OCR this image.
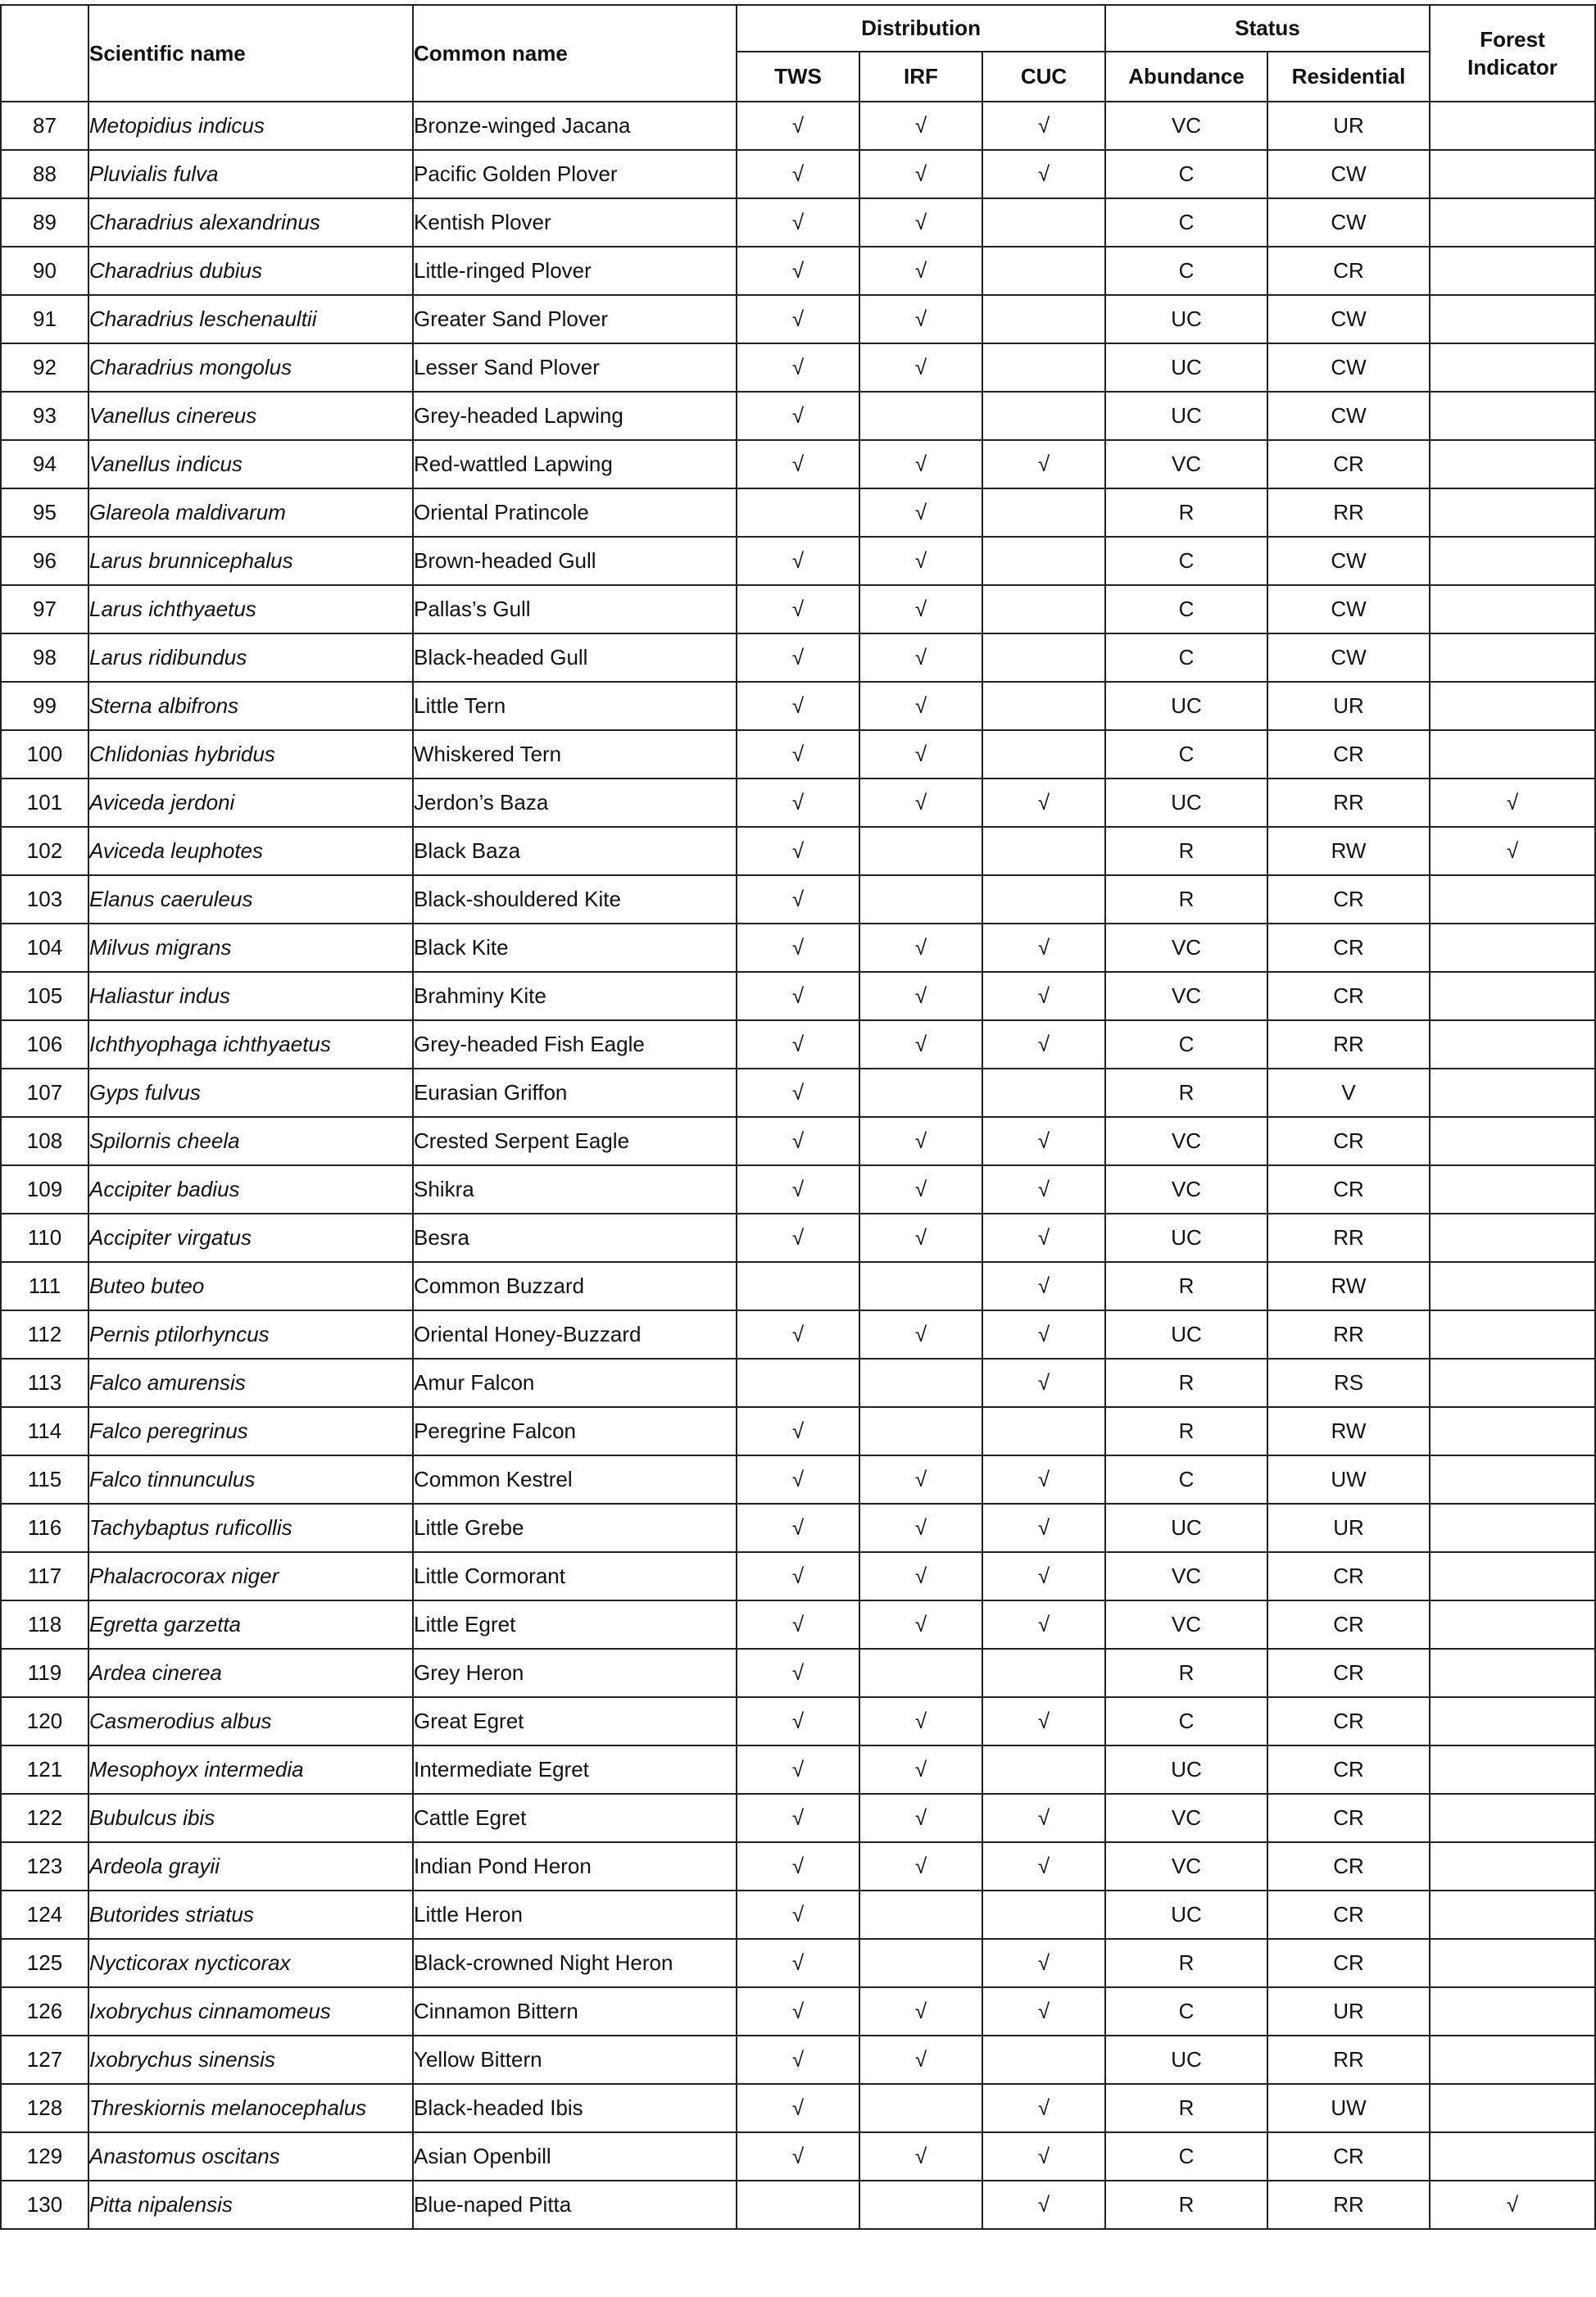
	Scientific name	Common name	Distribution			Status		Forest
Indicator
			TWS	IRF	CUC	Abundance	Residential	
87	Metopidius indicus	Bronze-winged Jacana	√	√	√	VC	UR	
88	Pluvialis fulva	Pacific Golden Plover	√	√	√	C	CW	
89	Charadrius alexandrinus	Kentish Plover	√	√		C	CW	
90	Charadrius dubius	Little-ringed Plover	√	√		C	CR	
91	Charadrius leschenaultii	Greater Sand Plover	√	√		UC	CW	
92	Charadrius mongolus	Lesser Sand Plover	√	√		UC	CW	
93	Vanellus cinereus	Grey-headed Lapwing	√			UC	CW	
94	Vanellus indicus	Red-wattled Lapwing	√	√	√	VC	CR	
95	Glareola maldivarum	Oriental Pratincole		√		R	RR	
96	Larus brunnicephalus	Brown-headed Gull	√	√		C	CW	
97	Larus ichthyaetus	Pallas’s Gull	√	√		C	CW	
98	Larus ridibundus	Black-headed Gull	√	√		C	CW	
99	Sterna albifrons	Little Tern	√	√		UC	UR	
100	Chlidonias hybridus	Whiskered Tern	√	√		C	CR	
101	Aviceda jerdoni	Jerdon’s Baza	√	√	√	UC	RR	√
102	Aviceda leuphotes	Black Baza	√			R	RW	√
103	Elanus caeruleus	Black-shouldered Kite	√			R	CR	
104	Milvus migrans	Black Kite	√	√	√	VC	CR	
105	Haliastur indus	Brahminy Kite	√	√	√	VC	CR	
106	Ichthyophaga ichthyaetus	Grey-headed Fish Eagle	√	√	√	C	RR	
107	Gyps fulvus	Eurasian Griffon	√			R	V	
108	Spilornis cheela	Crested Serpent Eagle	√	√	√	VC	CR	
109	Accipiter badius	Shikra	√	√	√	VC	CR	
110	Accipiter virgatus	Besra	√	√	√	UC	RR	
111	Buteo buteo	Common Buzzard			√	R	RW	
112	Pernis ptilorhyncus	Oriental Honey-Buzzard	√	√	√	UC	RR	
113	Falco amurensis	Amur Falcon			√	R	RS	
114	Falco peregrinus	Peregrine Falcon	√			R	RW	
115	Falco tinnunculus	Common Kestrel	√	√	√	C	UW	
116	Tachybaptus ruficollis	Little Grebe	√	√	√	UC	UR	
117	Phalacrocorax niger	Little Cormorant	√	√	√	VC	CR	
118	Egretta garzetta	Little Egret	√	√	√	VC	CR	
119	Ardea cinerea	Grey Heron	√			R	CR	
120	Casmerodius albus	Great Egret	√	√	√	C	CR	
121	Mesophoyx intermedia	Intermediate Egret	√	√		UC	CR	
122	Bubulcus ibis	Cattle Egret	√	√	√	VC	CR	
123	Ardeola grayii	Indian Pond Heron	√	√	√	VC	CR	
124	Butorides striatus	Little Heron	√			UC	CR	
125	Nycticorax nycticorax	Black-crowned Night Heron	√		√	R	CR	
126	Ixobrychus cinnamomeus	Cinnamon Bittern	√	√	√	C	UR	
127	Ixobrychus sinensis	Yellow Bittern	√	√		UC	RR	
128	Threskiornis melanocephalus	Black-headed Ibis	√		√	R	UW	
129	Anastomus oscitans	Asian Openbill	√	√	√	C	CR	
130	Pitta nipalensis	Blue-naped Pitta			√	R	RR	√
